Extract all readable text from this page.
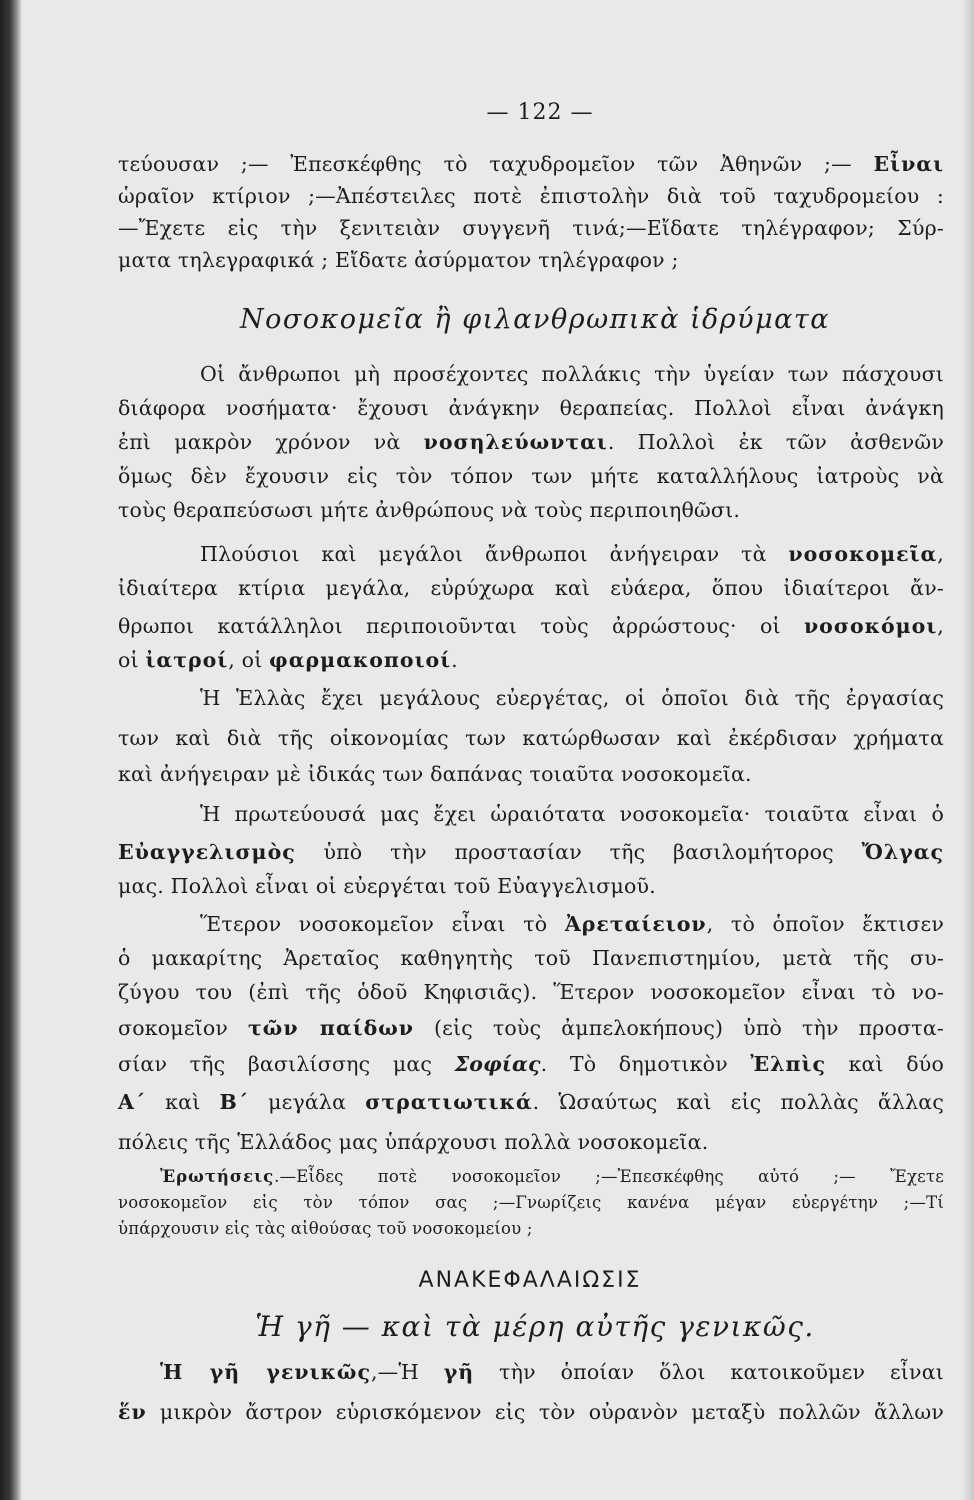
— 122 —
τεύουσαν ;— Ἐπεσκέφθης τὸ ταχυδρομεῖον τῶν Ἀθηνῶν ;— Εἶναι
ὡραῖον κτίριον ;—Ἀπέστειλες ποτὲ ἐπιστολὴν διὰ τοῦ ταχυδρομείου :
—Ἔχετε εἰς τὴν ξενιτειὰν συγγενῆ τινά;—Εἴδατε τηλέγραφον; Σύρ-
ματα τηλεγραφικά ; Εἴδατε ἀσύρματον τηλέγραφον ;
Νοσοκομεῖα ἢ φιλανθρωπικὰ ἱδρύματα
Οἱ ἄνθρωποι μὴ προσέχοντες πολλάκις τὴν ὑγείαν των πάσχουσι
διάφορα νοσήματα· ἔχουσι ἀνάγκην θεραπείας. Πολλοὶ εἶναι ἀνάγκη
ἐπὶ μακρὸν χρόνον νὰ νοσηλεύωνται. Πολλοὶ ἐκ τῶν ἀσθενῶν
ὅμως δὲν ἔχουσιν εἰς τὸν τόπον των μήτε καταλλήλους ἰατροὺς νὰ
τοὺς θεραπεύσωσι μήτε ἀνθρώπους νὰ τοὺς περιποιηθῶσι.
Πλούσιοι καὶ μεγάλοι ἄνθρωποι ἀνήγειραν τὰ νοσοκομεῖα,
ἰδιαίτερα κτίρια μεγάλα, εὐρύχωρα καὶ εὐάερα, ὅπου ἰδιαίτεροι ἄν-
θρωποι κατάλληλοι περιποιοῦνται τοὺς ἀρρώστους· οἱ νοσοκόμοι,
οἱ ἰατροί, οἱ φαρμακοποιοί.
Ἡ Ἑλλὰς ἔχει μεγάλους εὐεργέτας, οἱ ὁποῖοι διὰ τῆς ἐργασίας
των καὶ διὰ τῆς οἰκονομίας των κατώρθωσαν καὶ ἐκέρδισαν χρήματα
καὶ ἀνήγειραν μὲ ἰδικάς των δαπάνας τοιαῦτα νοσοκομεῖα.
Ἡ πρωτεύουσά μας ἔχει ὡραιότατα νοσοκομεῖα· τοιαῦτα εἶναι ὁ
Εὐαγγελισμὸς ὑπὸ τὴν προστασίαν τῆς βασιλομήτορος Ὄλγας
μας. Πολλοὶ εἶναι οἱ εὐεργέται τοῦ Εὐαγγελισμοῦ.
Ἕτερον νοσοκομεῖον εἶναι τὸ Ἀρεταίειον, τὸ ὁποῖον ἔκτισεν
ὁ μακαρίτης Ἀρεταῖος καθηγητὴς τοῦ Πανεπιστημίου, μετὰ τῆς συ-
ζύγου του (ἐπὶ τῆς ὁδοῦ Κηφισιᾶς). Ἕτερον νοσοκομεῖον εἶναι τὸ νο-
σοκομεῖον τῶν παίδων (εἰς τοὺς ἀμπελοκήπους) ὑπὸ τὴν προστα-
σίαν τῆς βασιλίσσης μας Σοφίας. Τὸ δημοτικὸν Ἐλπὶς καὶ δύο
Α΄ καὶ Β΄ μεγάλα στρατιωτικά. Ὡσαύτως καὶ εἰς πολλὰς ἄλλας
πόλεις τῆς Ἑλλάδος μας ὑπάρχουσι πολλὰ νοσοκομεῖα.
Ἐρωτήσεις.—Εἶδες ποτὲ νοσοκομεῖον ;—Ἐπεσκέφθης αὐτό ;— Ἔχετε
νοσοκομεῖον εἰς τὸν τόπον σας ;—Γνωρίζεις κανένα μέγαν εὐεργέτην ;—Τί
ὑπάρχουσιν εἰς τὰς αἰθούσας τοῦ νοσοκομείου ;
ΑΝΑΚΕΦΑΛΑΙΩΣΙΣ
Ἡ γῆ — καὶ τὰ μέρη αὐτῆς γενικῶς.
Ἡ γῆ γενικῶς,—Ἡ γῆ τὴν ὁποίαν ὅλοι κατοικοῦμεν εἶναι
ἕν μικρὸν ἄστρον εὑρισκόμενον εἰς τὸν οὐρανὸν μεταξὺ πολλῶν ἄλλων
